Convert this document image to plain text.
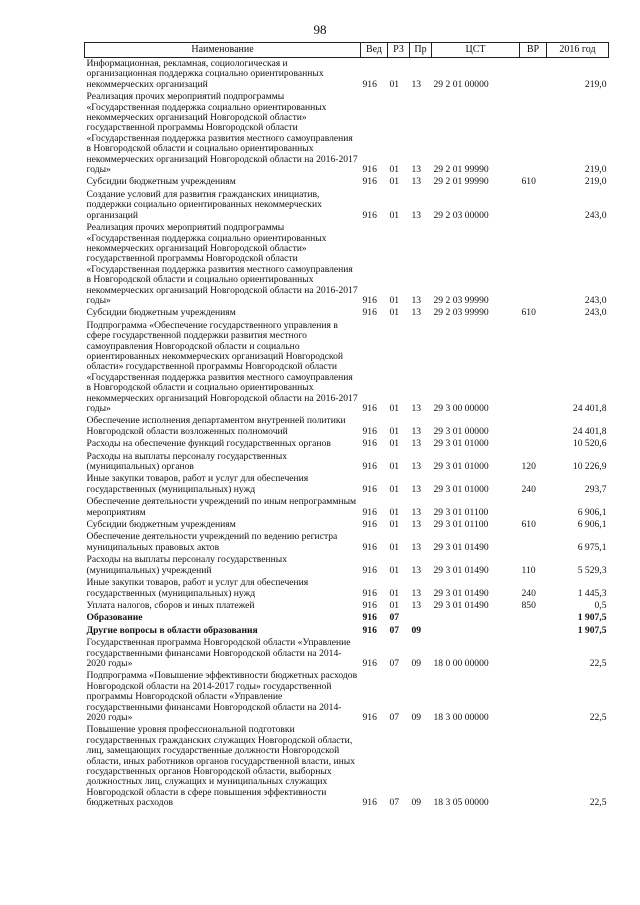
98
Наименование	Вед	РЗ	Пр	ЦСТ	ВР	2016 год
Информационная, рекламная, социологическая и организационная поддержка социально ориентированных некоммерческих организаций	916	01	13	29 2 01 00000		219,0
Реализация прочих мероприятий подпрограммы «Государственная поддержка социально ориентированных некоммерческих организаций Новгородской области» государственной программы Новгородской области «Государственная поддержка развития местного самоуправления в Новгородской области и социально ориентированных некоммерческих организаций Новгородской области на 2016-2017 годы»	916	01	13	29 2 01 99990		219,0
Субсидии бюджетным учреждениям	916	01	13	29 2 01 99990	610	219,0
Создание условий для развития гражданских инициатив, поддержки социально ориентированных некоммерческих организаций	916	01	13	29 2 03 00000		243,0
Реализация прочих мероприятий подпрограммы «Государственная поддержка социально ориентированных некоммерческих организаций Новгородской области» государственной программы Новгородской области «Государственная поддержка развития местного самоуправления в Новгородской области и социально ориентированных некоммерческих организаций Новгородской области на 2016-2017 годы»	916	01	13	29 2 03 99990		243,0
Субсидии бюджетным учреждениям	916	01	13	29 2 03 99990	610	243,0
Подпрограмма «Обеспечение государственного управления в сфере государственной поддержки развития местного самоуправления Новгородской области и социально ориентированных некоммерческих организаций Новгородской области» государственной программы Новгородской области «Государственная поддержка развития местного самоуправления в Новгородской области и социально ориентированных некоммерческих организаций Новгородской области на 2016-2017 годы»	916	01	13	29 3 00 00000		24 401,8
Обеспечение исполнения департаментом внутренней политики Новгородской области возложенных полномочий	916	01	13	29 3 01 00000		24 401,8
Расходы на обеспечение функций государственных органов	916	01	13	29 3 01 01000		10 520,6
Расходы на выплаты персоналу государственных (муниципальных) органов	916	01	13	29 3 01 01000	120	10 226,9
Иные закупки товаров, работ и услуг для обеспечения государственных (муниципальных) нужд	916	01	13	29 3 01 01000	240	293,7
Обеспечение деятельности учреждений по иным непрограммным мероприятиям	916	01	13	29 3 01 01100		6 906,1
Субсидии бюджетным учреждениям	916	01	13	29 3 01 01100	610	6 906,1
Обеспечение деятельности учреждений по ведению регистра муниципальных правовых актов	916	01	13	29 3 01 01490		6 975,1
Расходы на выплаты персоналу государственных (муниципальных) учреждений	916	01	13	29 3 01 01490	110	5 529,3
Иные закупки товаров, работ и услуг для обеспечения государственных (муниципальных) нужд	916	01	13	29 3 01 01490	240	1 445,3
Уплата налогов, сборов и иных платежей	916	01	13	29 3 01 01490	850	0,5
Образование	916	07				1 907,5
Другие вопросы в области образования	916	07	09			1 907,5
Государственная программа Новгородской области «Управление государственными финансами Новгородской области на 2014-2020 годы»	916	07	09	18 0 00 00000		22,5
Подпрограмма «Повышение эффективности бюджетных расходов Новгородской области на 2014-2017 годы» государственной программы Новгородской области «Управление государственными финансами Новгородской области на 2014-2020 годы»	916	07	09	18 3 00 00000		22,5
Повышение уровня профессиональной подготовки государственных гражданских служащих Новгородской области, лиц, замещающих государственные должности Новгородской области, иных работников органов государственной власти, иных государственных органов Новгородской области, выборных должностных лиц, служащих и муниципальных служащих Новгородской области в сфере повышения эффективности бюджетных расходов	916	07	09	18 3 05 00000		22,5
